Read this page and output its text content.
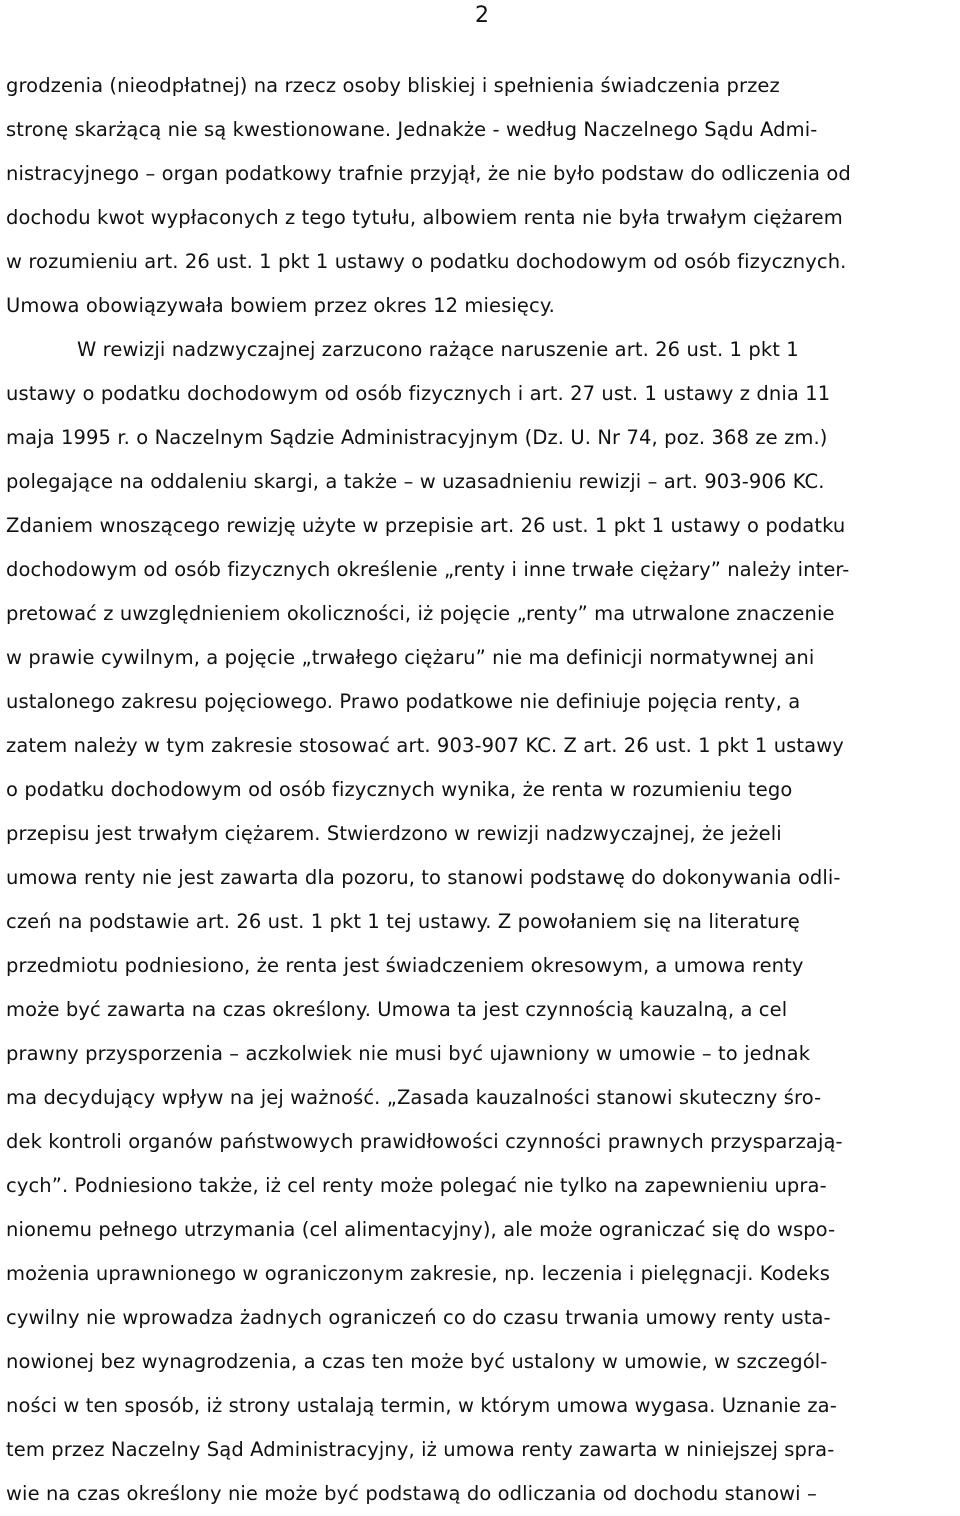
2
grodzenia (nieodpłatnej) na rzecz osoby bliskiej i spełnienia świadczenia przez
stronę skarżącą nie są kwestionowane. Jednakże - według Naczelnego Sądu Admi-
nistracyjnego – organ podatkowy trafnie przyjął, że nie było podstaw do odliczenia od
dochodu kwot wypłaconych z tego tytułu, albowiem renta nie była trwałym ciężarem
w rozumieniu art. 26 ust. 1 pkt 1 ustawy o podatku dochodowym od osób fizycznych.
Umowa obowiązywała bowiem przez okres 12 miesięcy.
W rewizji nadzwyczajnej zarzucono rażące naruszenie art. 26 ust. 1 pkt 1
ustawy o podatku dochodowym od osób fizycznych i art. 27 ust. 1 ustawy z dnia 11
maja 1995 r. o Naczelnym Sądzie Administracyjnym (Dz. U. Nr 74, poz. 368 ze zm.)
polegające na oddaleniu skargi, a także – w uzasadnieniu rewizji – art. 903-906 KC.
Zdaniem wnoszącego rewizję użyte w przepisie art. 26 ust. 1 pkt 1 ustawy o podatku
dochodowym od osób fizycznych określenie „renty i inne trwałe ciężary” należy inter-
pretować z uwzględnieniem okoliczności, iż pojęcie „renty” ma utrwalone znaczenie
w prawie cywilnym, a pojęcie „trwałego ciężaru” nie ma definicji normatywnej ani
ustalonego zakresu pojęciowego. Prawo podatkowe nie definiuje pojęcia renty, a
zatem należy w tym zakresie stosować art. 903-907 KC. Z art. 26 ust. 1 pkt 1 ustawy
o podatku dochodowym od osób fizycznych wynika, że renta w rozumieniu tego
przepisu jest trwałym ciężarem. Stwierdzono w rewizji nadzwyczajnej, że jeżeli
umowa renty nie jest zawarta dla pozoru, to stanowi podstawę do dokonywania odli-
czeń na podstawie art. 26 ust. 1 pkt 1 tej ustawy. Z powołaniem się na literaturę
przedmiotu podniesiono, że renta jest świadczeniem okresowym, a umowa renty
może być zawarta na czas określony. Umowa ta jest czynnością kauzalną, a cel
prawny przysporzenia – aczkolwiek nie musi być ujawniony w umowie – to jednak
ma decydujący wpływ na jej ważność. „Zasada kauzalności stanowi skuteczny śro-
dek kontroli organów państwowych prawidłowości czynności prawnych przysparzają-
cych”. Podniesiono także, iż cel renty może polegać nie tylko na zapewnieniu upra-
nionemu pełnego utrzymania (cel alimentacyjny), ale może ograniczać się do wspo-
możenia uprawnionego w ograniczonym zakresie, np. leczenia i pielęgnacji. Kodeks
cywilny nie wprowadza żadnych ograniczeń co do czasu trwania umowy renty usta-
nowionej bez wynagrodzenia, a czas ten może być ustalony w umowie, w szczegól-
ności w ten sposób, iż strony ustalają termin, w którym umowa wygasa. Uznanie za-
tem przez Naczelny Sąd Administracyjny, iż umowa renty zawarta w niniejszej spra-
wie na czas określony nie może być podstawą do odliczania od dochodu stanowi –
